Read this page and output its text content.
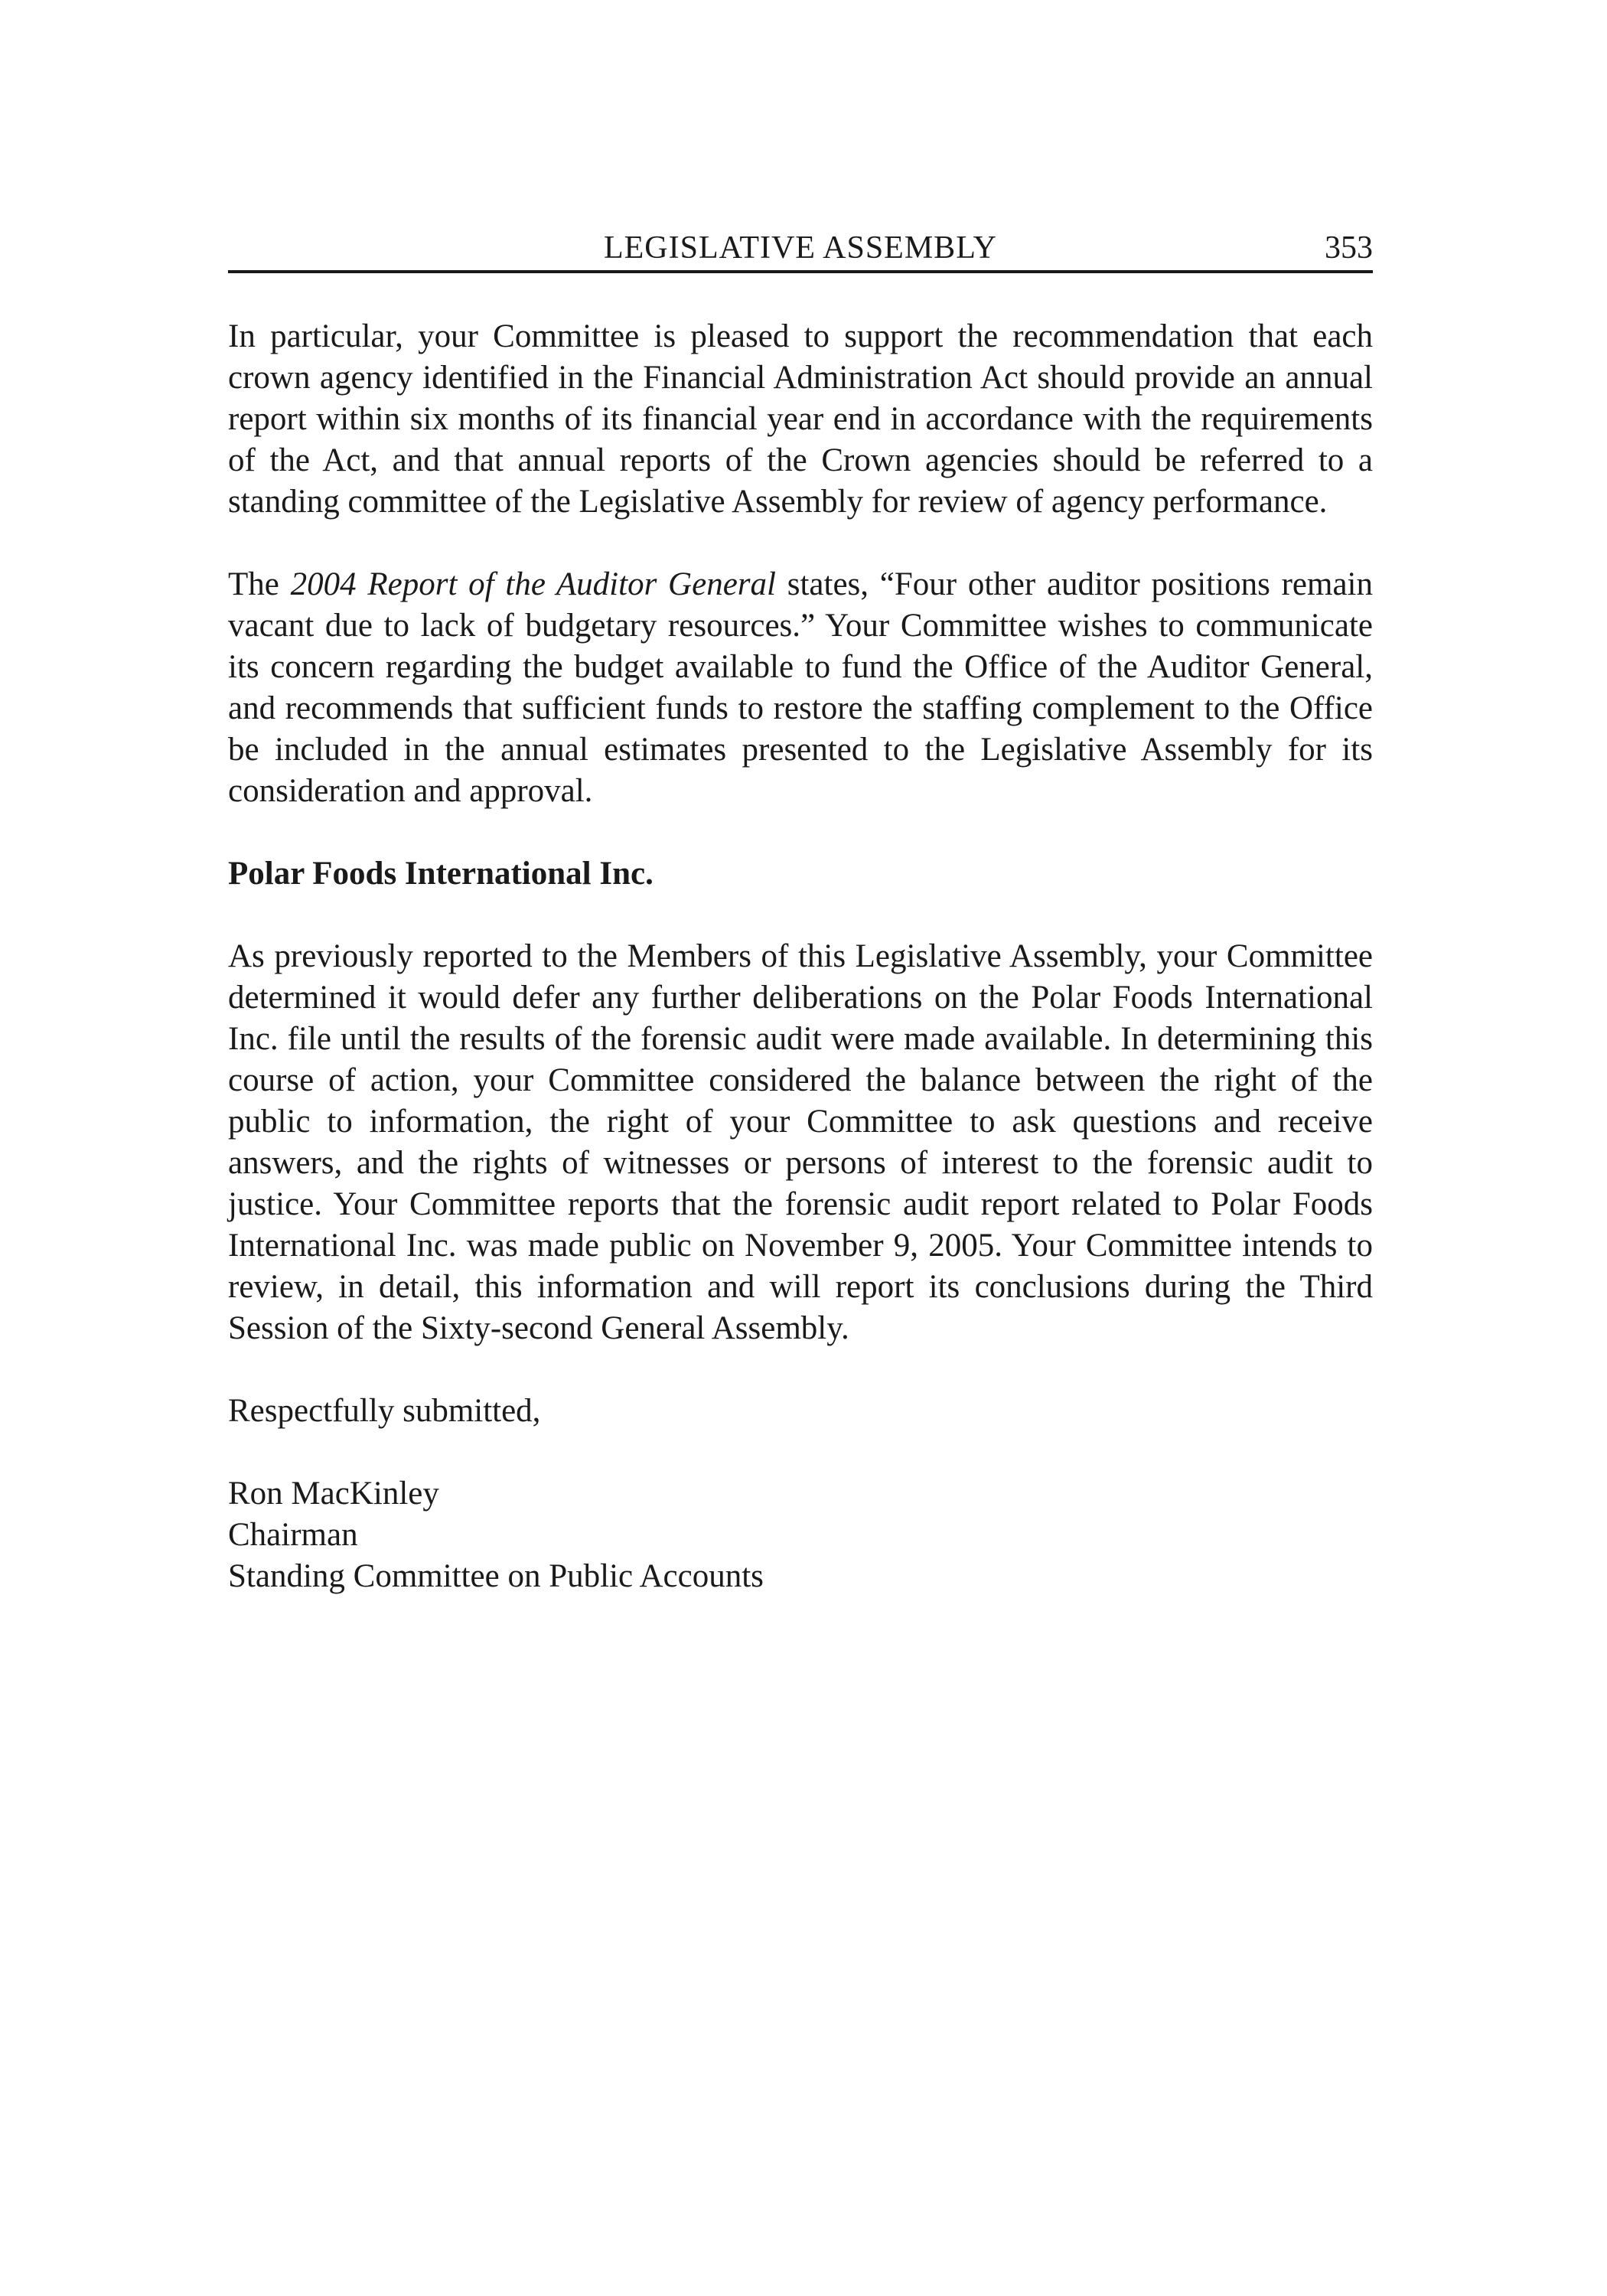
LEGISLATIVE ASSEMBLY	353

In particular, your Committee is pleased to support the recommendation that each crown agency identified in the Financial Administration Act should provide an annual report within six months of its financial year end in accordance with the requirements of the Act, and that annual reports of the Crown agencies should be referred to a standing committee of the Legislative Assembly for review of agency performance.

The 2004 Report of the Auditor General states, “Four other auditor positions remain vacant due to lack of budgetary resources.” Your Committee wishes to communicate its concern regarding the budget available to fund the Office of the Auditor General, and recommends that sufficient funds to restore the staffing complement to the Office be included in the annual estimates presented to the Legislative Assembly for its consideration and approval.

Polar Foods International Inc.

As previously reported to the Members of this Legislative Assembly, your Committee determined it would defer any further deliberations on the Polar Foods International Inc. file until the results of the forensic audit were made available. In determining this course of action, your Committee considered the balance between the right of the public to information, the right of your Committee to ask questions and receive answers, and the rights of witnesses or persons of interest to the forensic audit to justice. Your Committee reports that the forensic audit report related to Polar Foods International Inc. was made public on November 9, 2005. Your Committee intends to review, in detail, this information and will report its conclusions during the Third Session of the Sixty-second General Assembly.

Respectfully submitted,

Ron MacKinley
Chairman
Standing Committee on Public Accounts
